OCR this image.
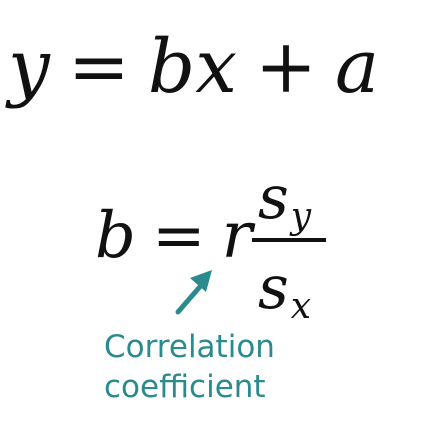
y = bx + a
b = r
sy
sx
Correlation
coefficient
